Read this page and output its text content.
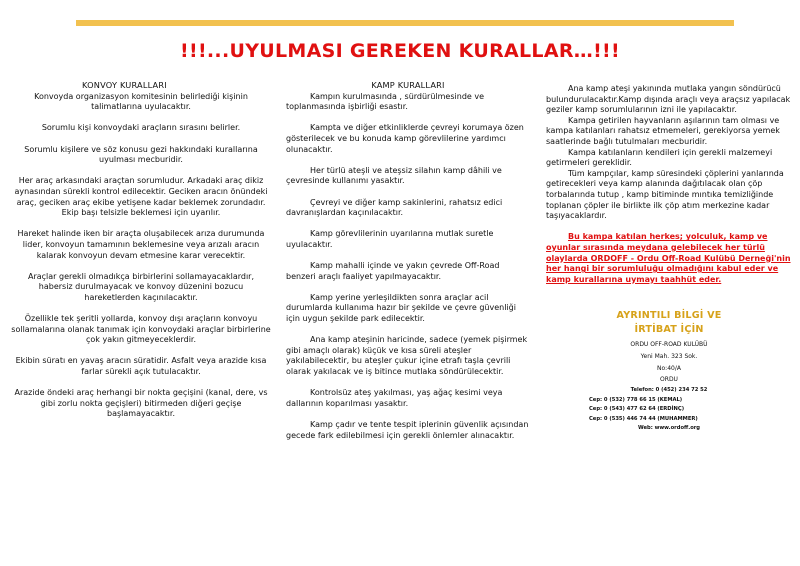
!!!...UYULMASI GEREKEN KURALLAR…!!!
KONVOY KURALLARI

Konvoyda organizasyon komitesinin belirlediği kişinin talimatlarına uyulacaktır.

Sorumlu kişi konvoydaki araçların sırasını belirler.

Sorumlu kişilere ve söz konusu gezi hakkındaki kurallarına uyulması mecburidir.

Her araç arkasındaki araçtan sorumludur. Arkadaki araç dikiz aynasından sürekli kontrol edilecektir. Geciken aracın önündeki araç, geciken araç ekibe yetişene kadar beklemek zorundadır. Ekip başı telsizle beklemesi için uyarılır.

Hareket halinde iken bir araçta oluşabilecek arıza durumunda lider, konvoyun tamamının beklemesine veya arızalı aracın kalarak konvoyun devam etmesine karar verecektir.

Araçlar gerekli olmadıkça birbirlerini sollamayacaklardır, habersiz durulmayacak ve konvoy düzenini bozucu hareketlerden kaçınılacaktır.

Özellikle tek şeritli yollarda, konvoy dışı araçların konvoyu sollamalarına olanak tanımak için konvoydaki araçlar birbirlerine çok yakın gitmeyeceklerdir.

Ekibin süratı en yavaş aracın süratidir. Asfalt veya arazide kısa farlar sürekli açık tutulacaktır.

Arazide öndeki araç herhangi bir nokta geçişini (kanal, dere, vs gibi zorlu nokta geçişleri) bitirmeden diğeri geçişe başlamayacaktır.

KAMP KURALLARI

Kampın kurulmasında , sürdürülmesinde ve toplanmasında işbirliği esastır.

Kampta ve diğer etkinliklerde çevreyi korumaya özen gösterilecek ve bu konuda kamp görevlilerine yardımcı olunacaktır.

Her türlü ateşli ve ateşsiz silahın kamp dâhili ve çevresinde kullanımı yasaktır.

Çevreyi ve diğer kamp sakinlerini, rahatsız edici davranışlardan kaçınılacaktır.

Kamp görevlilerinin uyarılarına mutlak suretle uyulacaktır.

Kamp mahalli içinde ve yakın çevrede Off-Road benzeri araçlı faaliyet yapılmayacaktır.

Kamp yerine yerleşildikten sonra araçlar acil durumlarda kullanıma hazır bir şekilde ve çevre güvenliği için uygun şekilde park edilecektir.

Ana kamp ateşinin haricinde, sadece (yemek pişirmek gibi amaçlı olarak) küçük ve kısa süreli ateşler yakılabilecektir, bu ateşler çukur içine etrafı taşla çevrili olarak yakılacak ve iş bitince mutlaka söndürülecektir.

Kontrolsüz ateş yakılması, yaş ağaç kesimi veya dallarının koparılması yasaktır.

Kamp çadır ve tente tespit iplerinin güvenlik açısından gecede fark edilebilmesi için gerekli önlemler alınacaktır.

Ana kamp ateşi yakınında mutlaka yangın söndürücü bulundurulacaktır.Kamp dışında araçlı veya araçsız yapılacak geziler kamp sorumlularının izni ile yapılacaktır.

Kampa getirilen hayvanların aşılarının tam olması ve kampa katılanları rahatsız etmemeleri, gerekiyorsa yemek saatlerinde bağlı tutulmaları mecburidir.

Kampa katılanların kendileri için gerekli malzemeyi getirmeleri gereklidir.

Tüm kampçılar, kamp süresindeki çöplerini yanlarında getirecekleri veya kamp alanında dağıtılacak olan çöp torbalarında tutup , kamp bitiminde mıntıka temizliğinde toplanan çöpler ile birlikte ilk çöp atım merkezine kadar taşıyacaklardır.

Bu kampa katılan herkes; yolculuk, kamp ve oyunlar sırasında meydana gelebilecek her türlü olaylarda ORDOFF - Ordu Off-Road Kulübü Derneği'nin her hangi bir sorumluluğu olmadığını kabul eder ve kamp kurallarına uymayı taahhüt eder.

AYRINTILI BİLGİ VE
İRTİBAT İÇİN

ORDU OFF-ROAD KULÜBÜ

Yeni Mah. 323 Sok.

No:40/A

ORDU

Telefon: 0 (452) 234 72 52
Cep: 0 (532) 778 66 15 (KEMAL)
Cep: 0 (543) 477 62 64 (ERDİNÇ)
Cep: 0 (535) 446 74 44 (MUHAMMER)

Web: www.ordoff.org
